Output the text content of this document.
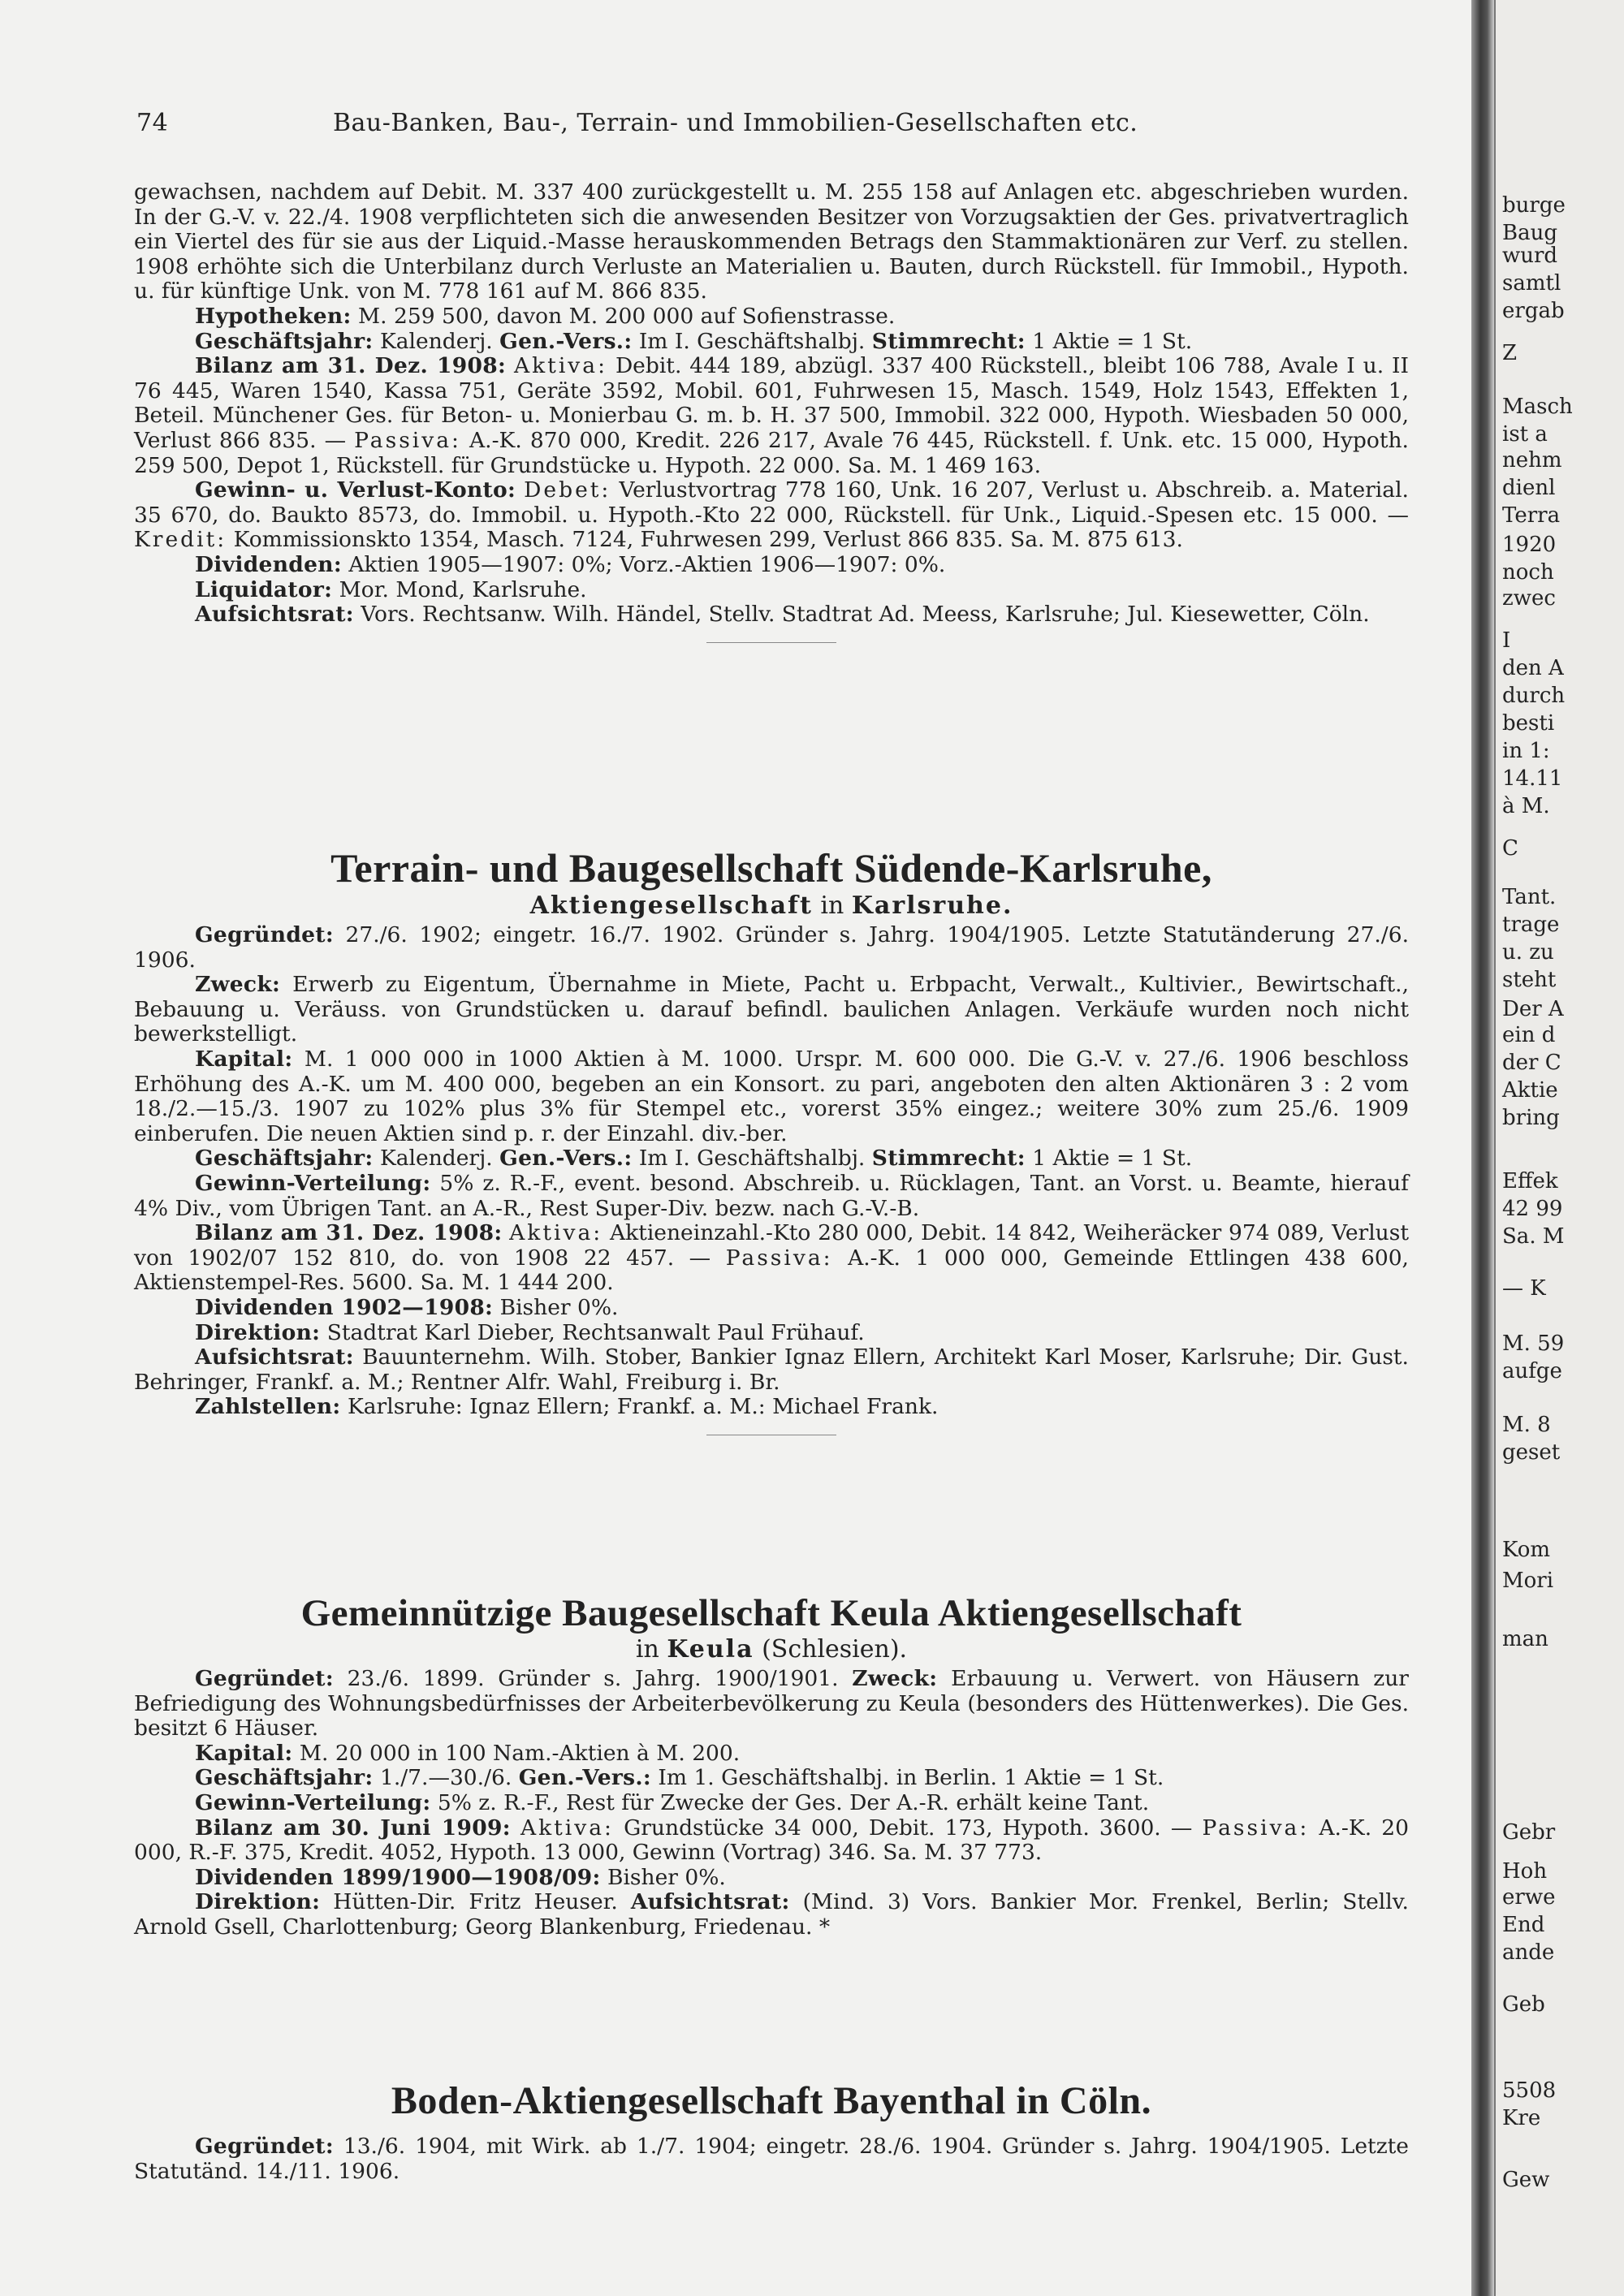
74	Bau-Banken, Bau-, Terrain- und Immobilien-Gesellschaften etc.

gewachsen, nachdem auf Debit. M. 337 400 zurückgestellt u. M. 255 158 auf Anlagen etc. abgeschrieben wurden. In der G.-V. v. 22./4. 1908 verpflichteten sich die anwesenden Besitzer von Vorzugsaktien der Ges. privatvertraglich ein Viertel des für sie aus der Liquid.-Masse herauskommenden Betrags den Stammaktionären zur Verf. zu stellen. 1908 erhöhte sich die Unterbilanz durch Verluste an Materialien u. Bauten, durch Rückstell. für Immobil., Hypoth. u. für künftige Unk. von M. 778 161 auf M. 866 835.

Hypotheken: M. 259 500, davon M. 200 000 auf Sofienstrasse.

Geschäftsjahr: Kalenderj. Gen.-Vers.: Im I. Geschäftshalbj. Stimmrecht: 1 Aktie = 1 St.

Bilanz am 31. Dez. 1908: Aktiva: Debit. 444 189, abzügl. 337 400 Rückstell., bleibt 106 788, Avale I u. II 76 445, Waren 1540, Kassa 751, Geräte 3592, Mobil. 601, Fuhrwesen 15, Masch. 1549, Holz 1543, Effekten 1, Beteil. Münchener Ges. für Beton- u. Monierbau G. m. b. H. 37 500, Immobil. 322 000, Hypoth. Wiesbaden 50 000, Verlust 866 835. — Passiva: A.-K. 870 000, Kredit. 226 217, Avale 76 445, Rückstell. f. Unk. etc. 15 000, Hypoth. 259 500, Depot 1, Rückstell. für Grundstücke u. Hypoth. 22 000. Sa. M. 1 469 163.

Gewinn- u. Verlust-Konto: Debet: Verlustvortrag 778 160, Unk. 16 207, Verlust u. Abschreib. a. Material. 35 670, do. Baukto 8573, do. Immobil. u. Hypoth.-Kto 22 000, Rückstell. für Unk., Liquid.-Spesen etc. 15 000. — Kredit: Kommissionskto 1354, Masch. 7124, Fuhrwesen 299, Verlust 866 835. Sa. M. 875 613.

Dividenden: Aktien 1905—1907: 0%; Vorz.-Aktien 1906—1907: 0%.

Liquidator: Mor. Mond, Karlsruhe.

Aufsichtsrat: Vors. Rechtsanw. Wilh. Händel, Stellv. Stadtrat Ad. Meess, Karlsruhe; Jul. Kiesewetter, Cöln.

Terrain- und Baugesellschaft Südende-Karlsruhe,

Aktiengesellschaft in Karlsruhe.

Gegründet: 27./6. 1902; eingetr. 16./7. 1902. Gründer s. Jahrg. 1904/1905. Letzte Statutänderung 27./6. 1906.

Zweck: Erwerb zu Eigentum, Übernahme in Miete, Pacht u. Erbpacht, Verwalt., Kultivier., Bewirtschaft., Bebauung u. Veräuss. von Grundstücken u. darauf befindl. baulichen Anlagen. Verkäufe wurden noch nicht bewerkstelligt.

Kapital: M. 1 000 000 in 1000 Aktien à M. 1000. Urspr. M. 600 000. Die G.-V. v. 27./6. 1906 beschloss Erhöhung des A.-K. um M. 400 000, begeben an ein Konsort. zu pari, angeboten den alten Aktionären 3 : 2 vom 18./2.—15./3. 1907 zu 102% plus 3% für Stempel etc., vorerst 35% eingez.; weitere 30% zum 25./6. 1909 einberufen. Die neuen Aktien sind p. r. der Einzahl. div.-ber.

Geschäftsjahr: Kalenderj. Gen.-Vers.: Im I. Geschäftshalbj. Stimmrecht: 1 Aktie = 1 St.

Gewinn-Verteilung: 5% z. R.-F., event. besond. Abschreib. u. Rücklagen, Tant. an Vorst. u. Beamte, hierauf 4% Div., vom Übrigen Tant. an A.-R., Rest Super-Div. bezw. nach G.-V.-B.

Bilanz am 31. Dez. 1908: Aktiva: Aktieneinzahl.-Kto 280 000, Debit. 14 842, Weiheräcker 974 089, Verlust von 1902/07 152 810, do. von 1908 22 457. — Passiva: A.-K. 1 000 000, Gemeinde Ettlingen 438 600, Aktienstempel-Res. 5600. Sa. M. 1 444 200.

Dividenden 1902—1908: Bisher 0%.

Direktion: Stadtrat Karl Dieber, Rechtsanwalt Paul Frühauf.

Aufsichtsrat: Bauunternehm. Wilh. Stober, Bankier Ignaz Ellern, Architekt Karl Moser, Karlsruhe; Dir. Gust. Behringer, Frankf. a. M.; Rentner Alfr. Wahl, Freiburg i. Br.

Zahlstellen: Karlsruhe: Ignaz Ellern; Frankf. a. M.: Michael Frank.

Gemeinnützige Baugesellschaft Keula Aktiengesellschaft

in Keula (Schlesien).

Gegründet: 23./6. 1899. Gründer s. Jahrg. 1900/1901. Zweck: Erbauung u. Verwert. von Häusern zur Befriedigung des Wohnungsbedürfnisses der Arbeiterbevölkerung zu Keula (besonders des Hüttenwerkes). Die Ges. besitzt 6 Häuser.

Kapital: M. 20 000 in 100 Nam.-Aktien à M. 200.

Geschäftsjahr: 1./7.—30./6. Gen.-Vers.: Im 1. Geschäftshalbj. in Berlin. 1 Aktie = 1 St.

Gewinn-Verteilung: 5% z. R.-F., Rest für Zwecke der Ges. Der A.-R. erhält keine Tant.

Bilanz am 30. Juni 1909: Aktiva: Grundstücke 34 000, Debit. 173, Hypoth. 3600. — Passiva: A.-K. 20 000, R.-F. 375, Kredit. 4052, Hypoth. 13 000, Gewinn (Vortrag) 346. Sa. M. 37 773.

Dividenden 1899/1900—1908/09: Bisher 0%.

Direktion: Hütten-Dir. Fritz Heuser. Aufsichtsrat: (Mind. 3) Vors. Bankier Mor. Frenkel, Berlin; Stellv. Arnold Gsell, Charlottenburg; Georg Blankenburg, Friedenau. *

Boden-Aktiengesellschaft Bayenthal in Cöln.

Gegründet: 13./6. 1904, mit Wirk. ab 1./7. 1904; eingetr. 28./6. 1904. Gründer s. Jahrg. 1904/1905. Letzte Statutänd. 14./11. 1906.

burge
Baug
wurd
samtl
ergab
Z
Masch
ist a
nehm
dienl
Terra
1920
noch
zwec
I
den A
durch
besti
in 1:
14.11
à M.
C
Tant.
trage
u. zu
steht
Der A
ein d
der C
Aktie
bring
Effek
42 99
Sa. M
— K
M. 59
aufge
M. 8
geset
Kom
Mori
man
Gebr
Hoh
erwe
End
ande
Geb
5508
Kre
Gew
